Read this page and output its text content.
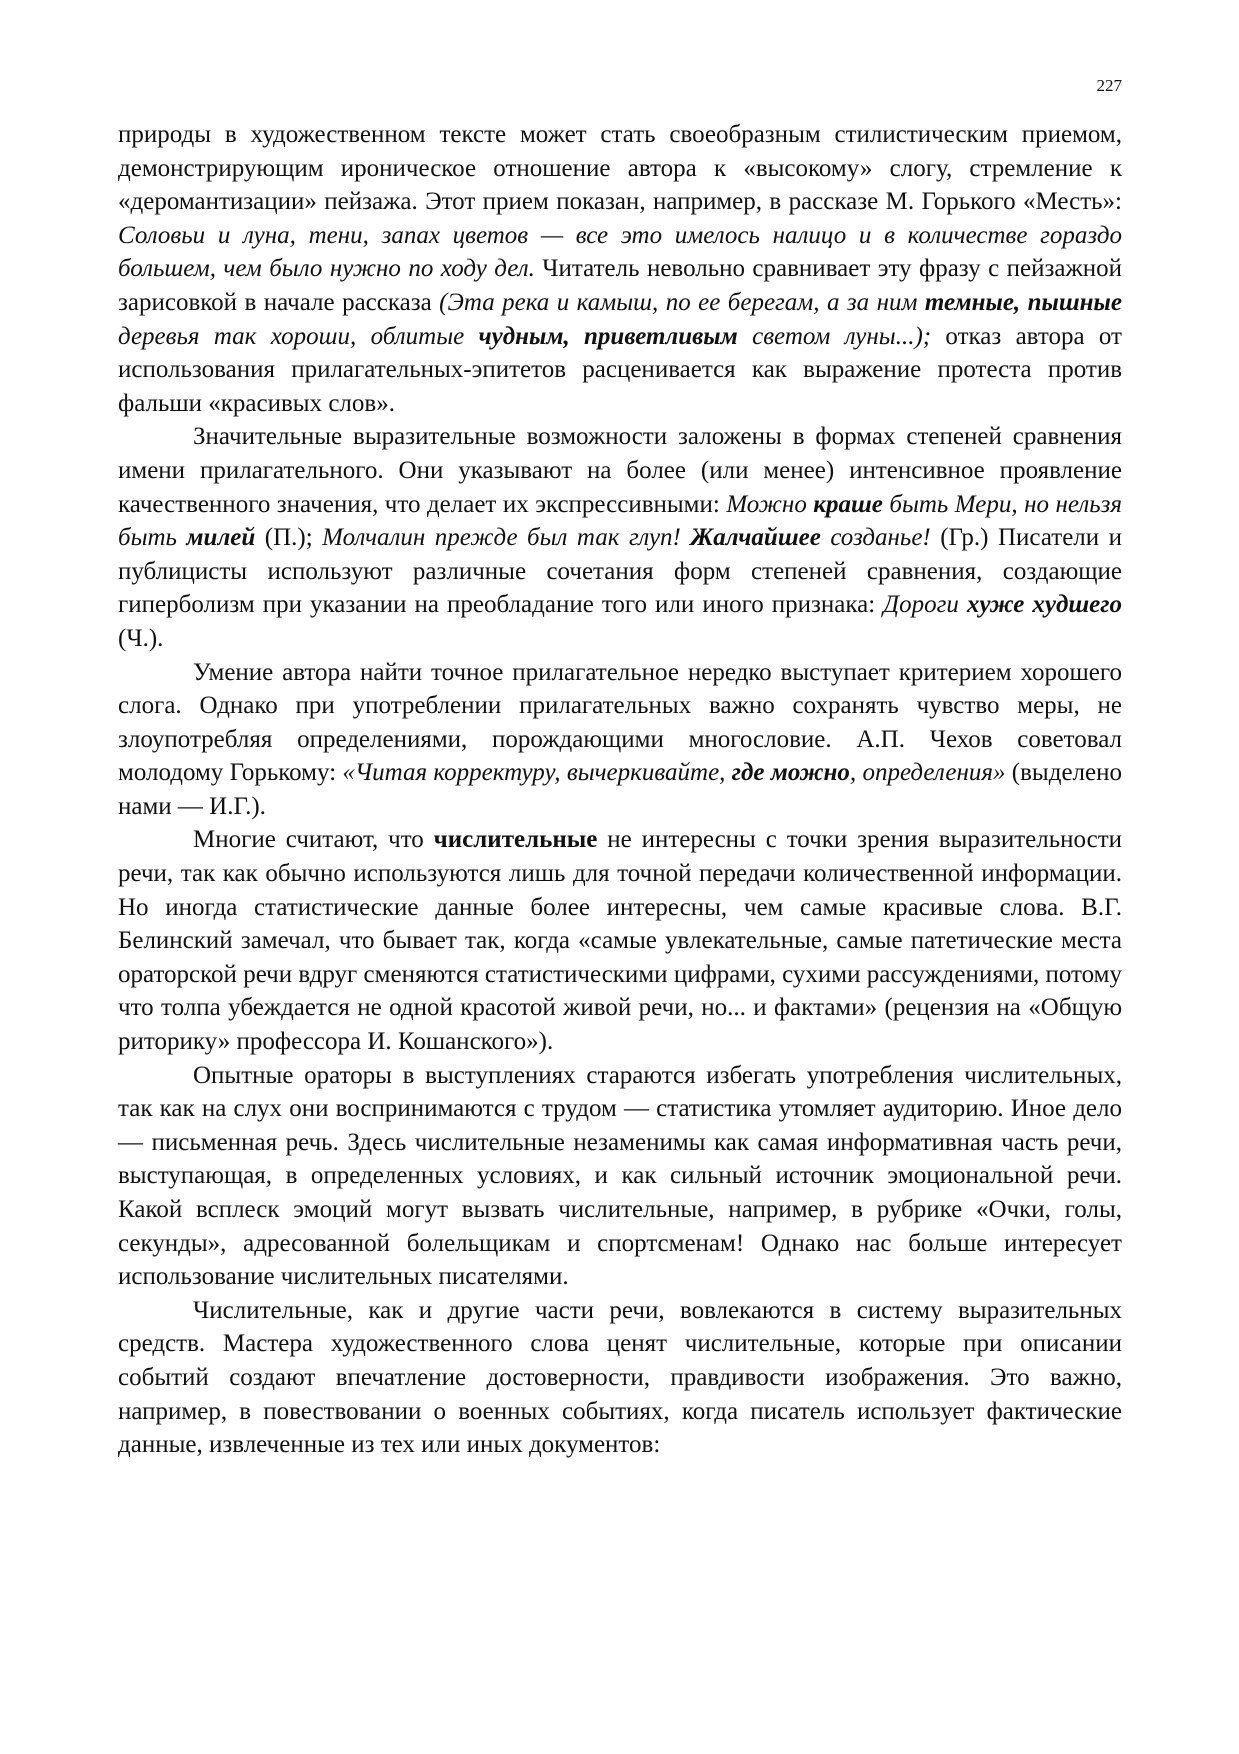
227

природы в художественном тексте может стать своеобразным стилистическим приемом, демонстрирующим ироническое отношение автора к «высокому» слогу, стремление к «деромантизации» пейзажа. Этот прием показан, например, в рассказе М. Горького «Месть»: Соловьи и луна, тени, запах цветов — все это имелось налицо и в количестве гораздо большем, чем было нужно по ходу дел. Читатель невольно сравнивает эту фразу с пейзажной зарисовкой в начале рассказа (Эта река и камыш, по ее берегам, а за ним темные, пышные деревья так хороши, облитые чудным, приветливым светом луны...); отказ автора от использования прилагательных-эпитетов расценивается как выражение протеста против фальши «красивых слов».

Значительные выразительные возможности заложены в формах степеней сравнения имени прилагательного. Они указывают на более (или менее) интенсивное проявление качественного значения, что делает их экспрессивными: Можно краше быть Мери, но нельзя быть милей (П.); Молчалин прежде был так глуп! Жалчайшее созданье! (Гр.) Писатели и публицисты используют различные сочетания форм степеней сравнения, создающие гиперболизм при указании на преобладание того или иного признака: Дороги хуже худшего (Ч.).

Умение автора найти точное прилагательное нередко выступает критерием хорошего слога. Однако при употреблении прилагательных важно сохранять чувство меры, не злоупотребляя определениями, порождающими многословие. А.П. Чехов советовал молодому Горькому: «Читая корректуру, вычеркивайте, где можно, определения» (выделено нами — И.Г.).

Многие считают, что числительные не интересны с точки зрения выразительности речи, так как обычно используются лишь для точной передачи количественной информации. Но иногда статистические данные более интересны, чем самые красивые слова. В.Г. Белинский замечал, что бывает так, когда «самые увлекательные, самые патетические места ораторской речи вдруг сменяются статистическими цифрами, сухими рассуждениями, потому что толпа убеждается не одной красотой живой речи, но... и фактами» (рецензия на «Общую риторику» профессора И. Кошанского»).

Опытные ораторы в выступлениях стараются избегать употребления числительных, так как на слух они воспринимаются с трудом — статистика утомляет аудиторию. Иное дело — письменная речь. Здесь числительные незаменимы как самая информативная часть речи, выступающая, в определенных условиях, и как сильный источник эмоциональной речи. Какой всплеск эмоций могут вызвать числительные, например, в рубрике «Очки, голы, секунды», адресованной болельщикам и спортсменам! Однако нас больше интересует использование числительных писателями.

Числительные, как и другие части речи, вовлекаются в систему выразительных средств. Мастера художественного слова ценят числительные, которые при описании событий создают впечатление достоверности, правдивости изображения. Это важно, например, в повествовании о военных событиях, когда писатель использует фактические данные, извлеченные из тех или иных документов:
